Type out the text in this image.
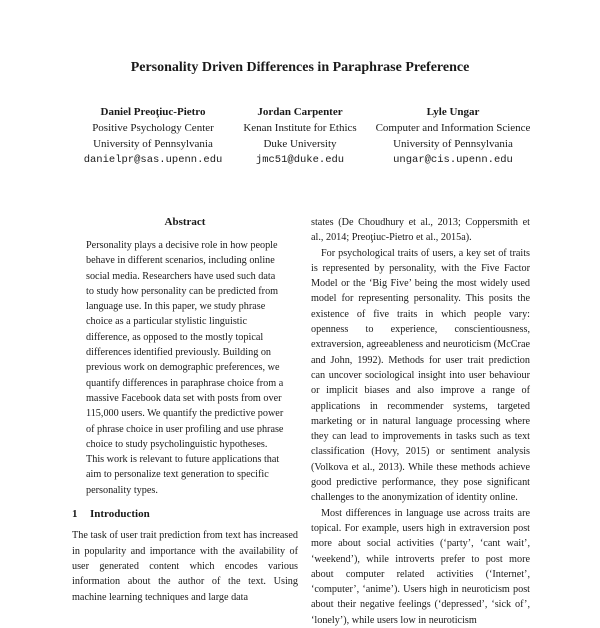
Personality Driven Differences in Paraphrase Preference
Daniel Preoţiuc-Pietro
Positive Psychology Center
University of Pennsylvania
danielpr@sas.upenn.edu
Jordan Carpenter
Kenan Institute for Ethics
Duke University
jmc51@duke.edu
Lyle Ungar
Computer and Information Science
University of Pennsylvania
ungar@cis.upenn.edu
Abstract

Personality plays a decisive role in how people behave in different scenarios, including online social media. Researchers have used such data to study how personality can be predicted from language use. In this paper, we study phrase choice as a particular stylistic linguistic difference, as opposed to the mostly topical differences identified previously. Building on previous work on demographic preferences, we quantify differences in paraphrase choice from a massive Facebook data set with posts from over 115,000 users. We quantify the predictive power of phrase choice in user profiling and use phrase choice to study psycholinguistic hypotheses. This work is relevant to future applications that aim to personalize text generation to specific personality types.

1 Introduction

The task of user trait prediction from text has increased in popularity and importance with the availability of user generated content which encodes various information about the author of the text. Using machine learning techniques and large data

states (De Choudhury et al., 2013; Coppersmith et al., 2014; Preoţiuc-Pietro et al., 2015a).

For psychological traits of users, a key set of traits is represented by personality, with the Five Factor Model or the ‘Big Five’ being the most widely used model for representing personality. This posits the existence of five traits in which people vary: openness to experience, conscientiousness, extraversion, agreeableness and neuroticism (McCrae and John, 1992). Methods for user trait prediction can uncover sociological insight into user behaviour or implicit biases and also improve a range of applications in recommender systems, targeted marketing or in natural language processing where they can lead to improvements in tasks such as text classification (Hovy, 2015) or sentiment analysis (Volkova et al., 2013). While these methods achieve good predictive performance, they pose significant challenges to the anonymization of identity online.

Most differences in language use across traits are topical. For example, users high in extraversion post more about social activities (‘party’, ‘cant wait’, ‘weekend’), while introverts prefer to post more about computer related activities (‘Internet’, ‘computer’, ‘anime’). Users high in neuroticism post about their negative feelings (‘depressed’, ‘sick of’, ‘lonely’), while users low in neuroticism
